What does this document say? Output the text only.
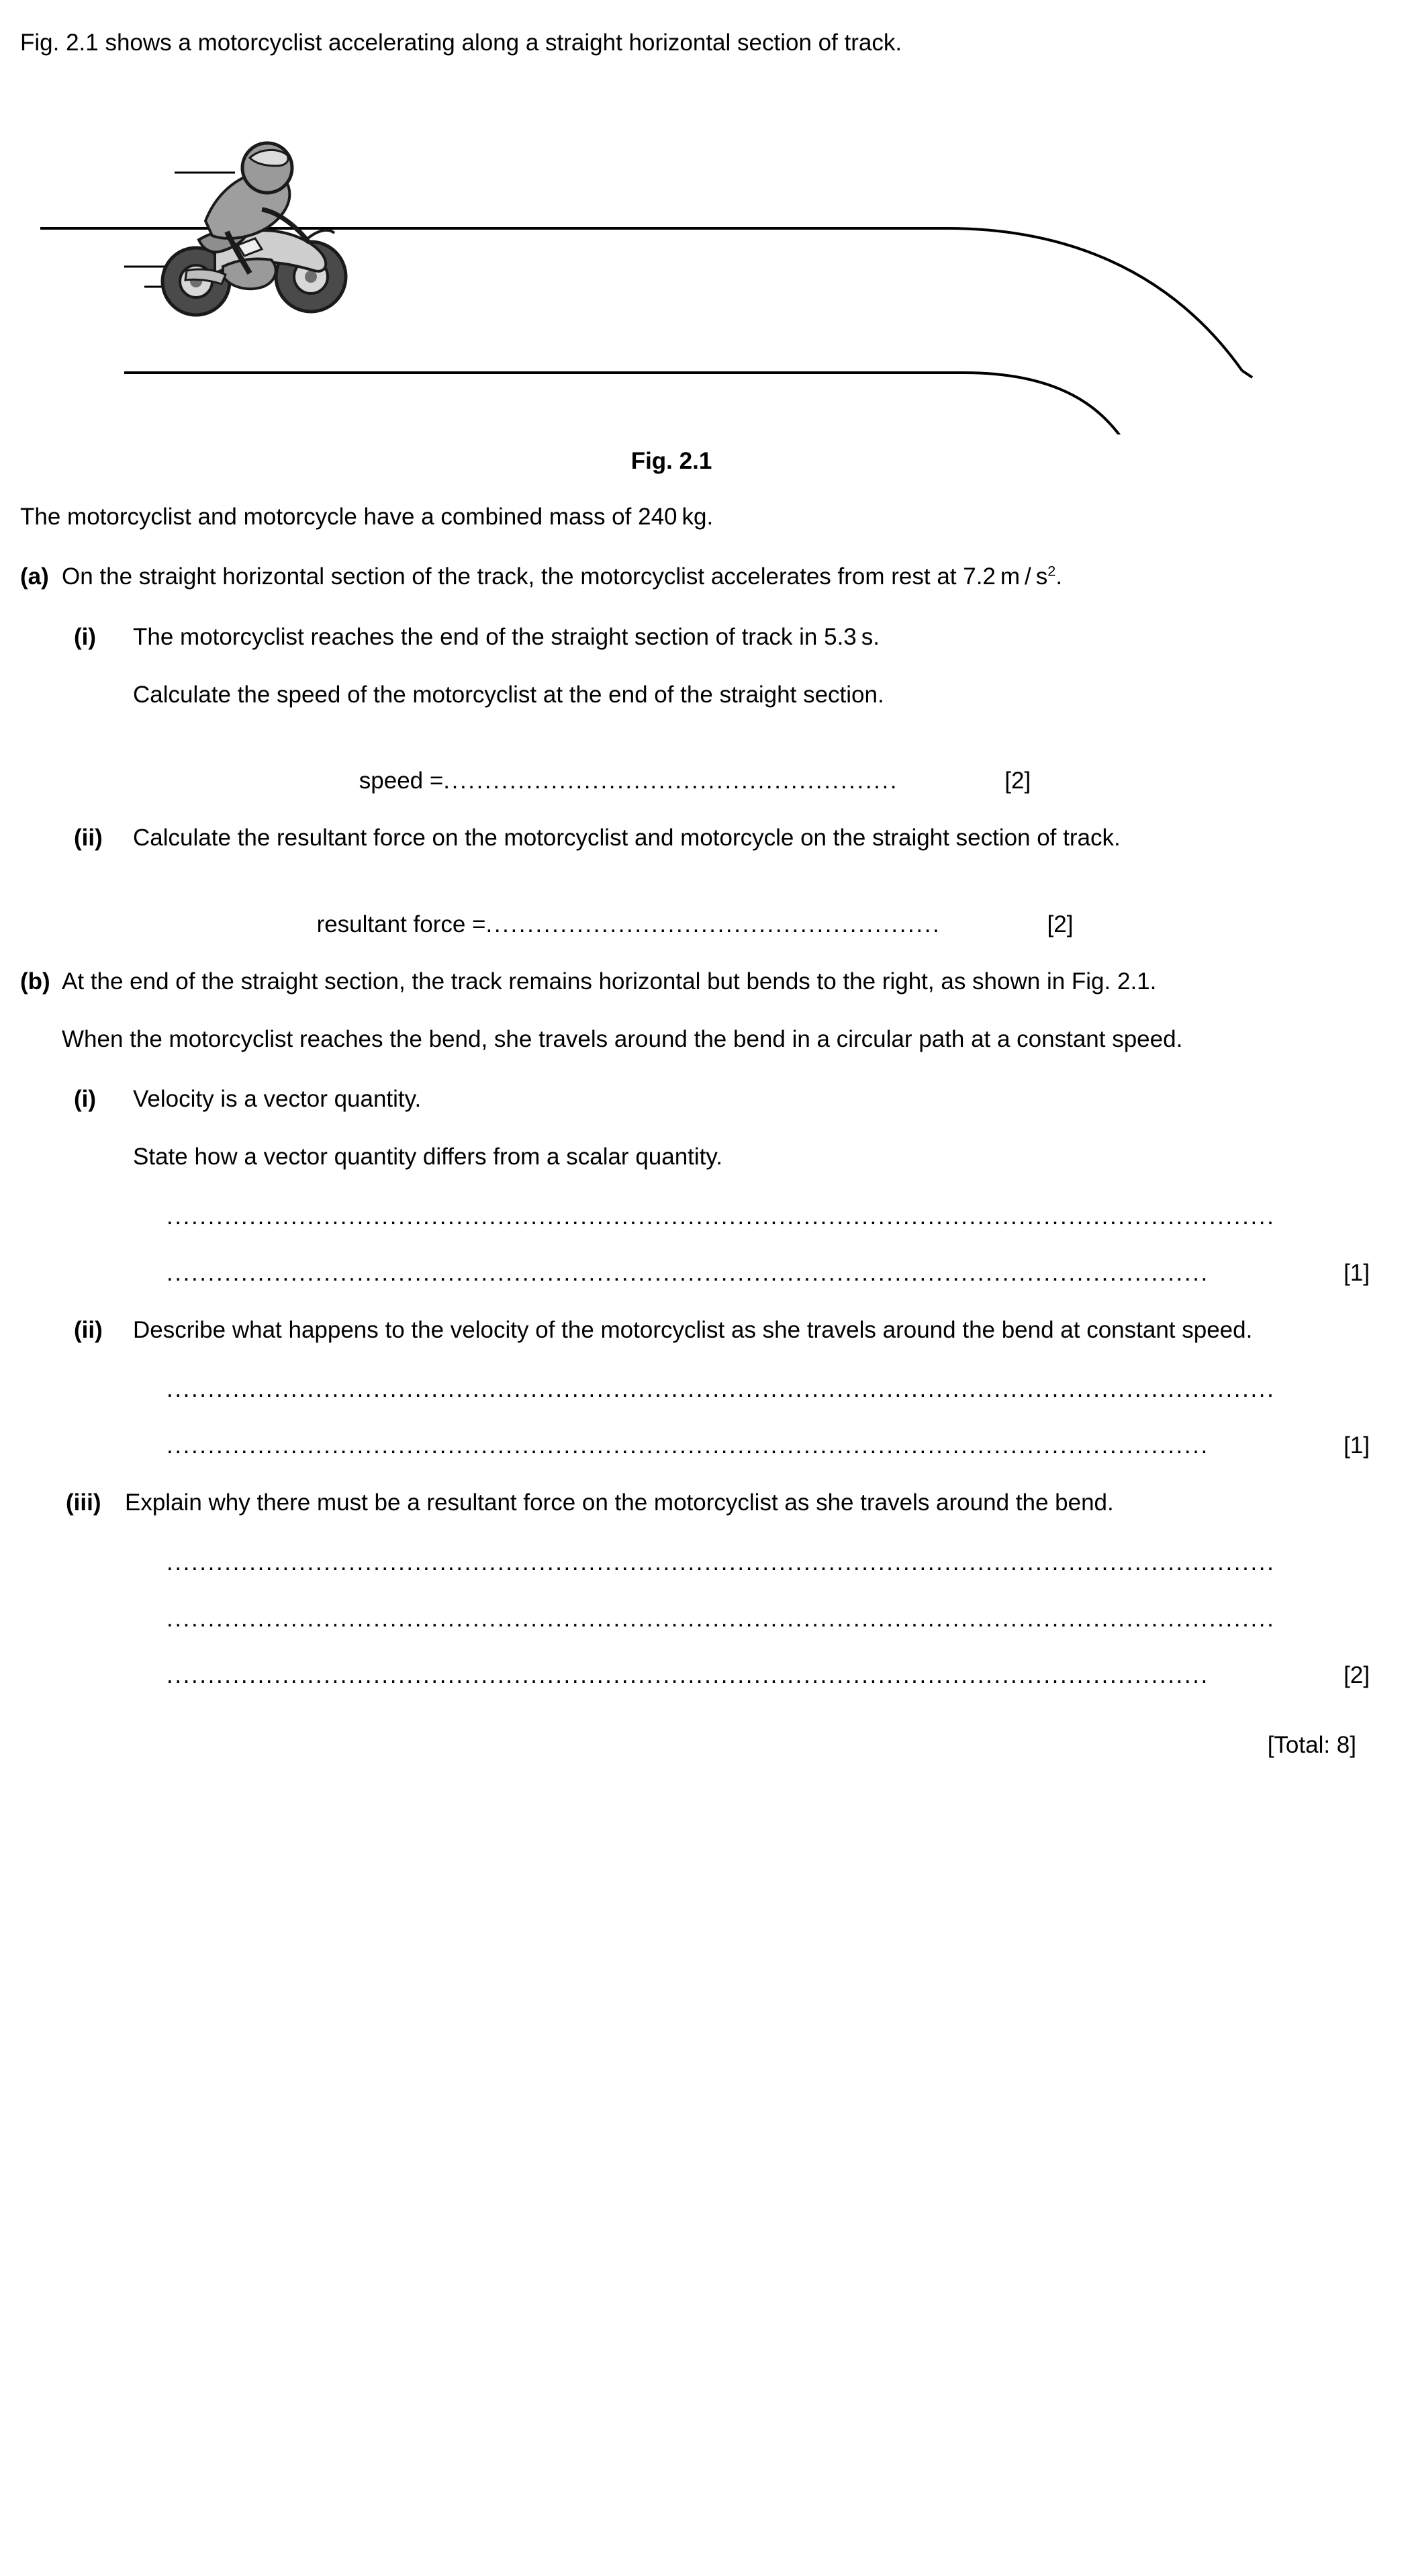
Fig. 2.1 shows a motorcyclist accelerating along a straight horizontal section of track.
Fig. 2.1
The motorcyclist and motorcycle have a combined mass of 240 kg.
(a) On the straight horizontal section of the track, the motorcyclist accelerates from rest at 7.2 m / $s^2$.
(i)	The motorcyclist reaches the end of the straight section of track in 5.3 s.
Calculate the speed of the motorcyclist at the end of the straight section.
speed = .......................................................	[2]
(ii)	Calculate the resultant force on the motorcyclist and motorcycle on the straight section of track.
resultant force = .......................................................	[2]
(b) At the end of the straight section, the track remains horizontal but bends to the right, as shown in Fig. 2.1.
When the motorcyclist reaches the bend, she travels around the bend in a circular path at a constant speed.
(i)	Velocity is a vector quantity.
State how a vector quantity differs from a scalar quantity.
......................................................................................................................................
..............................................................................................................................	[1]
(ii)	Describe what happens to the velocity of the motorcyclist as she travels around the bend at constant speed.
......................................................................................................................................
..............................................................................................................................	[1]
(iii)	Explain why there must be a resultant force on the motorcyclist as she travels around the bend.
......................................................................................................................................
......................................................................................................................................
..............................................................................................................................	[2]
[Total: 8]
